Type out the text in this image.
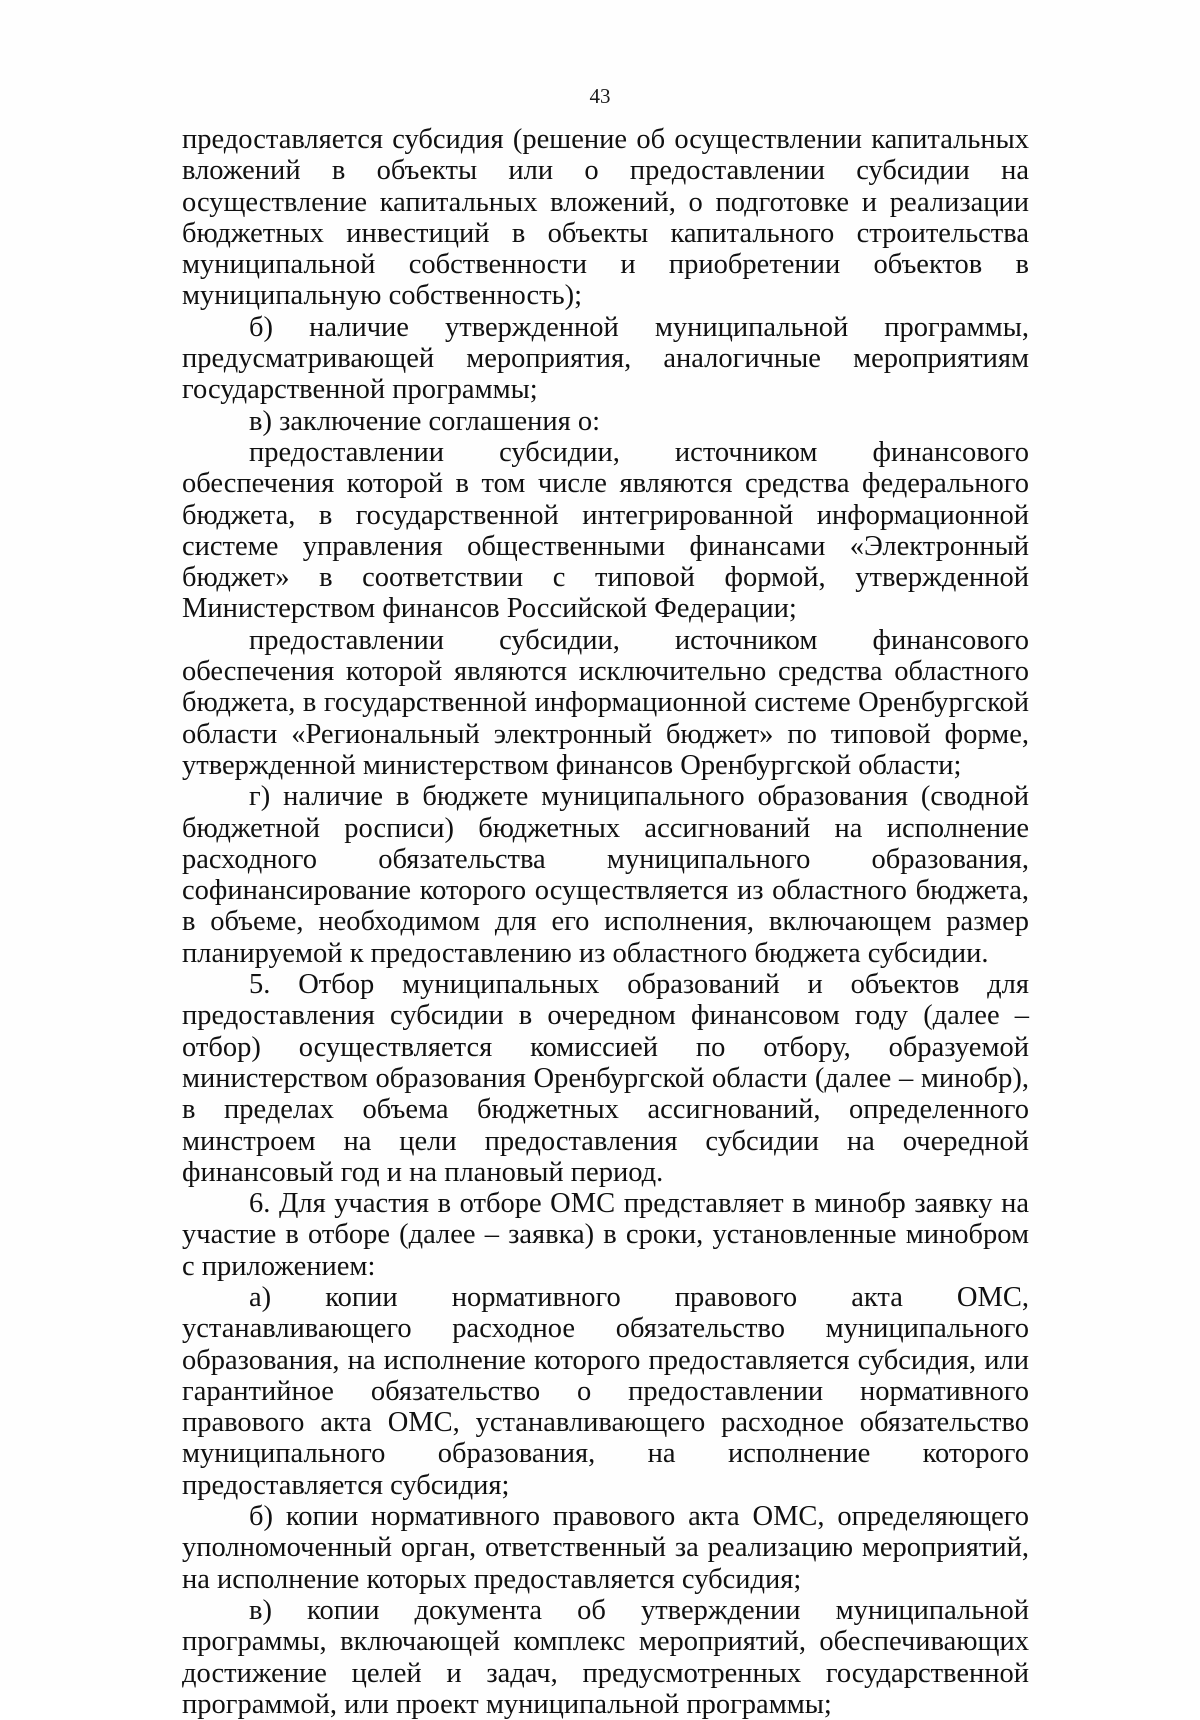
43

предоставляется субсидия (решение об осуществлении капитальных вложений в объекты или о предоставлении субсидии на осуществление капитальных вложений, о подготовке и реализации бюджетных инвестиций в объекты капитального строительства муниципальной собственности и приобретении объектов в муниципальную собственность);

б) наличие утвержденной муниципальной программы, предусматривающей мероприятия, аналогичные мероприятиям государственной программы;

в) заключение соглашения о:

предоставлении субсидии, источником финансового обеспечения которой в том числе являются средства федерального бюджета, в государственной интегрированной информационной системе управления общественными финансами «Электронный бюджет» в соответствии с типовой формой, утвержденной Министерством финансов Российской Федерации;

предоставлении субсидии, источником финансового обеспечения которой являются исключительно средства областного бюджета, в государственной информационной системе Оренбургской области «Региональный электронный бюджет» по типовой форме, утвержденной министерством финансов Оренбургской области;

г) наличие в бюджете муниципального образования (сводной бюджетной росписи) бюджетных ассигнований на исполнение расходного обязательства муниципального образования, софинансирование которого осуществляется из областного бюджета, в объеме, необходимом для его исполнения, включающем размер планируемой к предоставлению из областного бюджета субсидии.

5. Отбор муниципальных образований и объектов для предоставления субсидии в очередном финансовом году (далее – отбор) осуществляется комиссией по отбору, образуемой министерством образования Оренбургской области (далее – минобр), в пределах объема бюджетных ассигнований, определенного минстроем на цели предоставления субсидии на очередной финансовый год и на плановый период.

6. Для участия в отборе ОМС представляет в минобр заявку на участие в отборе (далее – заявка) в сроки, установленные минобром с приложением:

а) копии нормативного правового акта ОМС, устанавливающего расходное обязательство муниципального образования, на исполнение которого предоставляется субсидия, или гарантийное обязательство о предоставлении нормативного правового акта ОМС, устанавливающего расходное обязательство муниципального образования, на исполнение которого предоставляется субсидия;

б) копии нормативного правового акта ОМС, определяющего уполномоченный орган, ответственный за реализацию мероприятий, на исполнение которых предоставляется субсидия;

в) копии документа об утверждении муниципальной программы, включающей комплекс мероприятий, обеспечивающих достижение целей и задач, предусмотренных государственной программой, или проект муниципальной программы;
